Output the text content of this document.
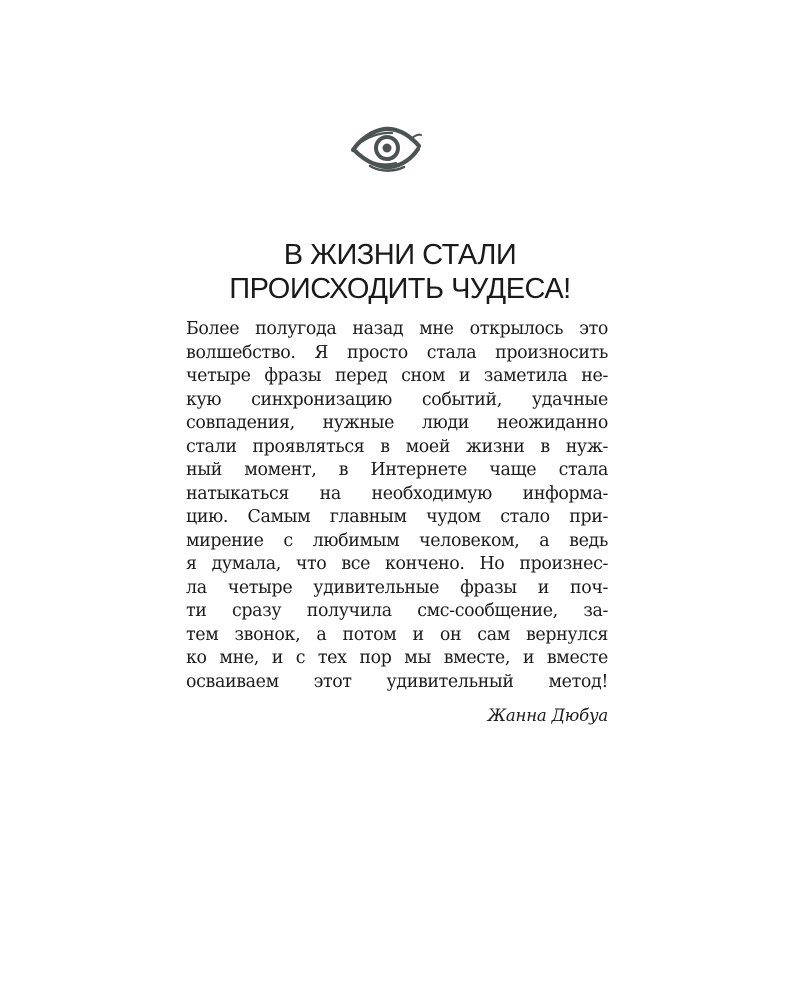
В ЖИЗНИ СТАЛИ
ПРОИСХОДИТЬ ЧУДЕСА!
Более полугода назад мне открылось это
волшебство. Я просто стала произносить
четыре фразы перед сном и заметила не-
кую синхронизацию событий, удачные
совпадения, нужные люди неожиданно
стали проявляться в моей жизни в нуж-
ный момент, в Интернете чаще стала
натыкаться на необходимую информа-
цию. Самым главным чудом стало при-
мирение с любимым человеком, а ведь
я думала, что все кончено. Но произнес-
ла четыре удивительные фразы и поч-
ти сразу получила смс-сообщение, за-
тем звонок, а потом и он сам вернулся
ко мне, и с тех пор мы вместе, и вместе
осваиваем этот удивительный метод!
Жанна Дюбуа
